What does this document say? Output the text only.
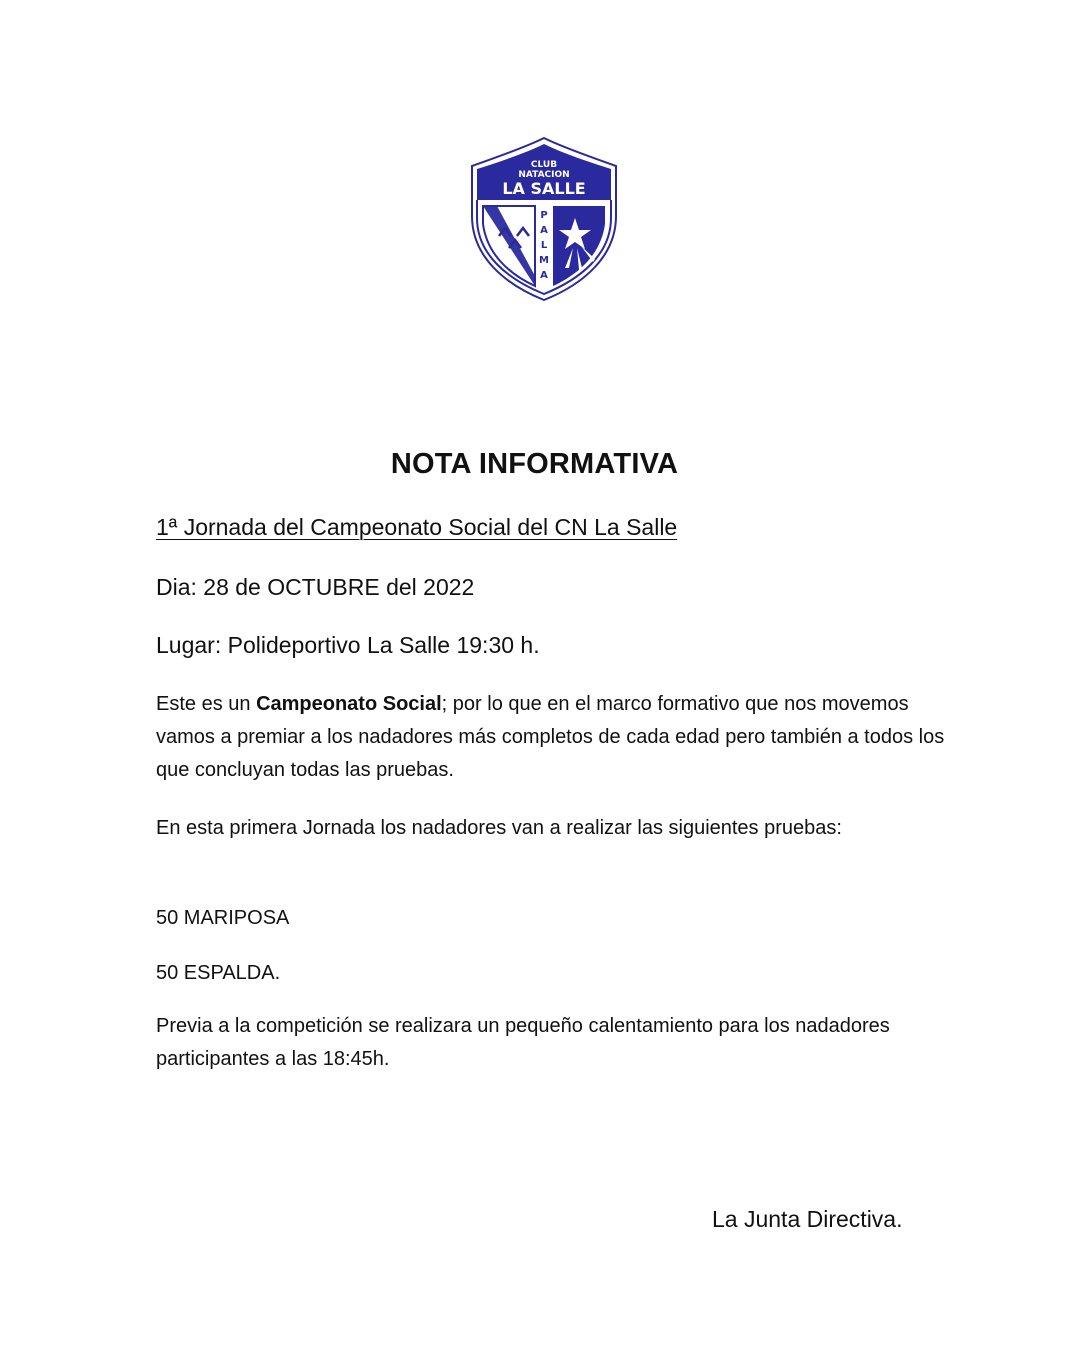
CLUB
NATACION
LA SALLE
P
A
L
M
A
NOTA INFORMATIVA
1ª Jornada del Campeonato Social del CN La Salle
Dia: 28 de OCTUBRE del 2022
Lugar: Polideportivo La Salle 19:30 h.
Este es un Campeonato Social; por lo que en el marco formativo que nos movemos vamos a premiar a los nadadores más completos de cada edad pero también a todos los que concluyan todas las pruebas.
En esta primera Jornada los nadadores van a realizar las siguientes pruebas:
50 MARIPOSA
50 ESPALDA.
Previa a la competición se realizara un pequeño calentamiento para los nadadores participantes a las 18:45h.
La Junta Directiva.
